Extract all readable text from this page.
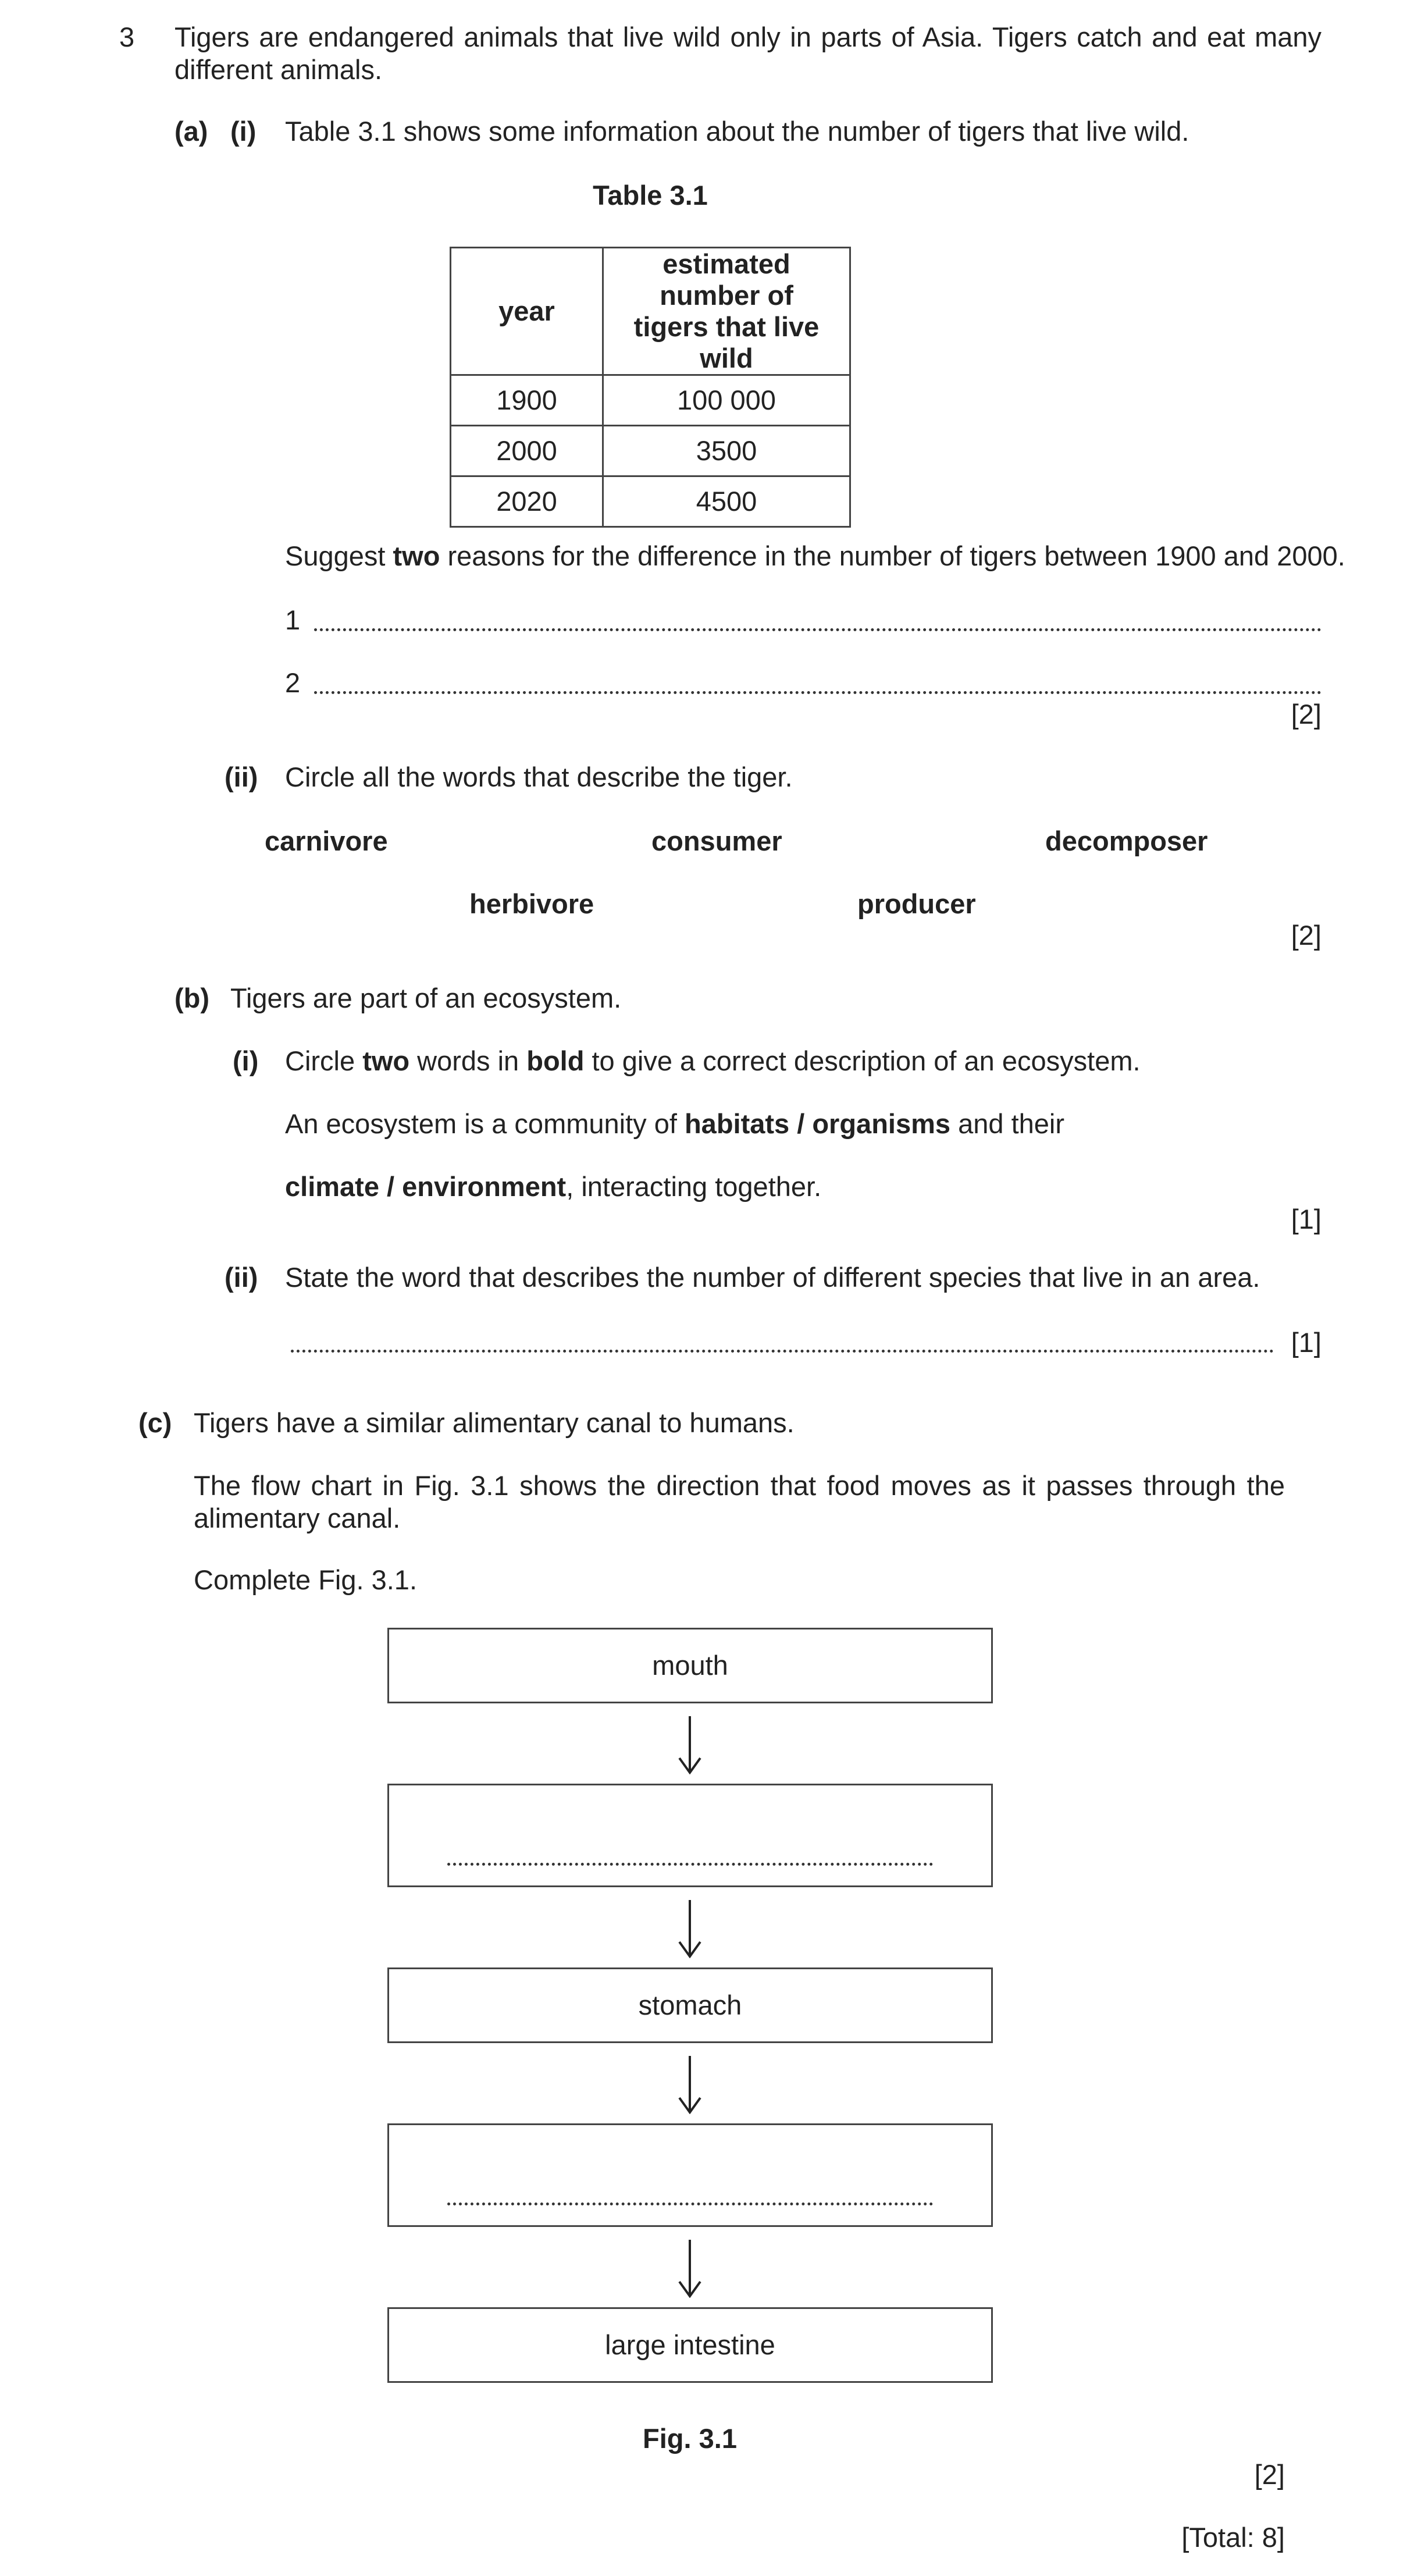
3 Tigers are endangered animals that live wild only in parts of Asia. Tigers catch and eat many different animals.
(a) (i) Table 3.1 shows some information about the number of tigers that live wild.
Table 3.1
year	estimated number of tigers that live wild
1900	100 000
2000	3500
2020	4500
Suggest two reasons for the difference in the number of tigers between 1900 and 2000.
1
2
[2]
(ii) Circle all the words that describe the tiger.
carnivore	consumer	decomposer
herbivore	producer
[2]
(b) Tigers are part of an ecosystem.
(i) Circle two words in bold to give a correct description of an ecosystem.
An ecosystem is a community of habitats / organisms and their
climate / environment, interacting together.
[1]
(ii) State the word that describes the number of different species that live in an area.
[1]
(c) Tigers have a similar alimentary canal to humans.
The flow chart in Fig. 3.1 shows the direction that food moves as it passes through the alimentary canal.
Complete Fig. 3.1.
mouth
stomach
large intestine
Fig. 3.1
[2]
[Total: 8]
